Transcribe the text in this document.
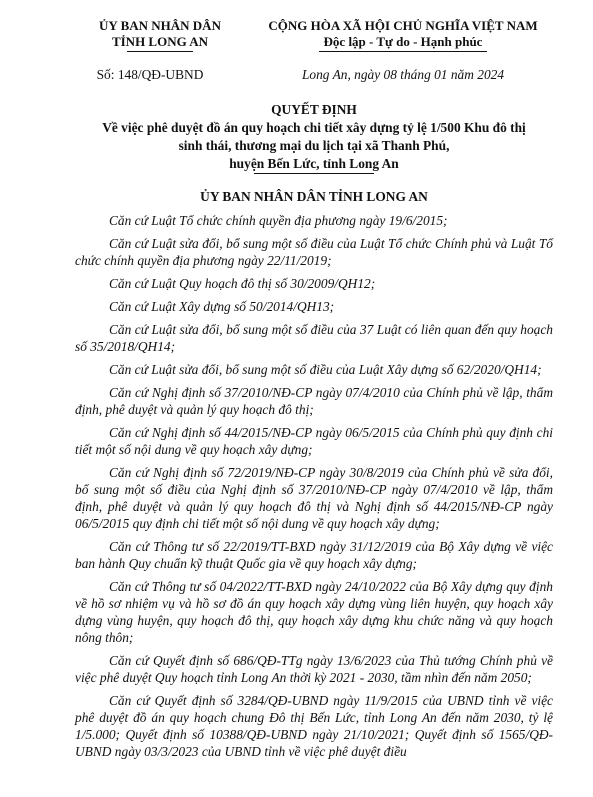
ỦY BAN NHÂN DÂN
TỈNH LONG AN
CỘNG HÒA XÃ HỘI CHỦ NGHĨA VIỆT NAM
Độc lập - Tự do - Hạnh phúc
Số: 148/QĐ-UBND	Long An, ngày 08 tháng 01 năm 2024
QUYẾT ĐỊNH
Về việc phê duyệt đồ án quy hoạch chi tiết xây dựng tỷ lệ 1/500 Khu đô thị
sinh thái, thương mại du lịch tại xã Thanh Phú,
huyện Bến Lức, tỉnh Long An
ỦY BAN NHÂN DÂN TỈNH LONG AN

Căn cứ Luật Tổ chức chính quyền địa phương ngày 19/6/2015;

Căn cứ Luật sửa đổi, bổ sung một số điều của Luật Tổ chức Chính phủ và Luật Tổ chức chính quyền địa phương ngày 22/11/2019;

Căn cứ Luật Quy hoạch đô thị số 30/2009/QH12;

Căn cứ Luật Xây dựng số 50/2014/QH13;

Căn cứ Luật sửa đổi, bổ sung một số điều của 37 Luật có liên quan đến quy hoạch số 35/2018/QH14;

Căn cứ Luật sửa đổi, bổ sung một số điều của Luật Xây dựng số 62/2020/QH14;

Căn cứ Nghị định số 37/2010/NĐ-CP ngày 07/4/2010 của Chính phủ về lập, thẩm định, phê duyệt và quản lý quy hoạch đô thị;

Căn cứ Nghị định số 44/2015/NĐ-CP ngày 06/5/2015 của Chính phủ quy định chi tiết một số nội dung về quy hoạch xây dựng;

Căn cứ Nghị định số 72/2019/NĐ-CP ngày 30/8/2019 của Chính phủ về sửa đổi, bổ sung một số điều của Nghị định số 37/2010/NĐ-CP ngày 07/4/2010 về lập, thẩm định, phê duyệt và quản lý quy hoạch đô thị và Nghị định số 44/2015/NĐ-CP ngày 06/5/2015 quy định chi tiết một số nội dung về quy hoạch xây dựng;

Căn cứ Thông tư số 22/2019/TT-BXD ngày 31/12/2019 của Bộ Xây dựng về việc ban hành Quy chuẩn kỹ thuật Quốc gia về quy hoạch xây dựng;

Căn cứ Thông tư số 04/2022/TT-BXD ngày 24/10/2022 của Bộ Xây dựng quy định về hồ sơ nhiệm vụ và hồ sơ đồ án quy hoạch xây dựng vùng liên huyện, quy hoạch xây dựng vùng huyện, quy hoạch đô thị, quy hoạch xây dựng khu chức năng và quy hoạch nông thôn;

Căn cứ Quyết định số 686/QĐ-TTg ngày 13/6/2023 của Thủ tướng Chính phủ về việc phê duyệt Quy hoạch tỉnh Long An thời kỳ 2021 - 2030, tầm nhìn đến năm 2050;

Căn cứ Quyết định số 3284/QĐ-UBND ngày 11/9/2015 của UBND tỉnh về việc phê duyệt đồ án quy hoạch chung Đô thị Bến Lức, tỉnh Long An đến năm 2030, tỷ lệ 1/5.000; Quyết định số 10388/QĐ-UBND ngày 21/10/2021; Quyết định số 1565/QĐ-UBND ngày 03/3/2023 của UBND tỉnh về việc phê duyệt điều
